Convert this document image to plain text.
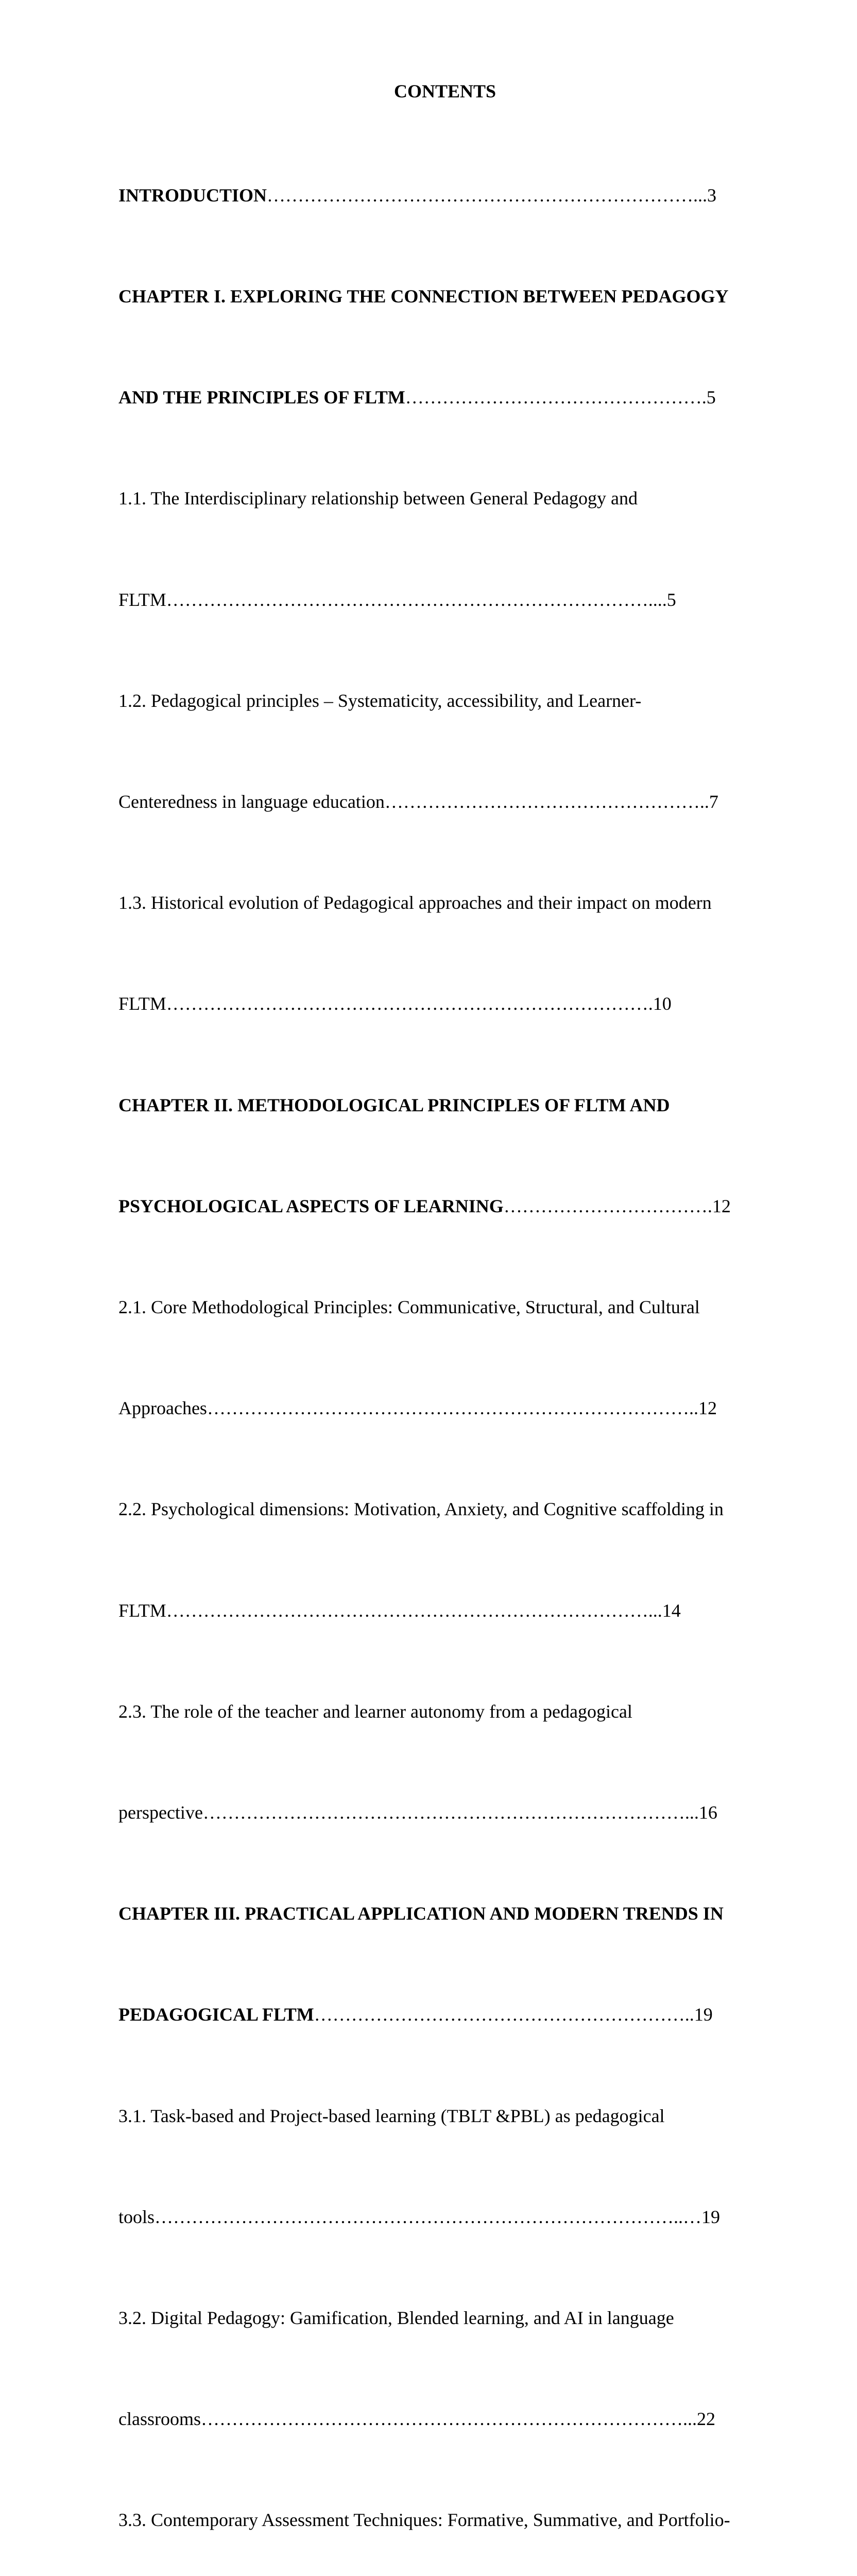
CONTENTS

INTRODUCTION……………………………………………………………...3

CHAPTER I. EXPLORING THE CONNECTION BETWEEN PEDAGOGY

AND THE PRINCIPLES OF FLTM………………………………………….5

1.1. The Interdisciplinary relationship between General Pedagogy and

FLTM……………………………………………………………………....5

1.2. Pedagogical principles – Systematicity, accessibility, and Learner-

Centeredness in language education……………………………………………..7

1.3. Historical evolution of Pedagogical approaches and their impact on modern

FLTM…………………………………………………………………….10

CHAPTER II. METHODOLOGICAL PRINCIPLES OF FLTM AND

PSYCHOLOGICAL ASPECTS OF LEARNING…………………………….12

2.1. Core Methodological Principles: Communicative, Structural, and Cultural

Approaches……………………………………………………………………..12

2.2. Psychological dimensions: Motivation, Anxiety, and Cognitive scaffolding in

FLTM……………………………………………………………………...14

2.3. The role of the teacher and learner autonomy from a pedagogical

perspective……………………………………………………………………...16

CHAPTER III. PRACTICAL APPLICATION AND MODERN TRENDS IN

PEDAGOGICAL FLTM……………………………………………………..19

3.1. Task-based and Project-based learning (TBLT &PBL) as pedagogical

tools…………………………………………………………………………..…19

3.2. Digital Pedagogy: Gamification, Blended learning, and AI in language

classrooms……………………………………………………………………...22

3.3. Contemporary Assessment Techniques: Formative, Summative, and Portfolio-
